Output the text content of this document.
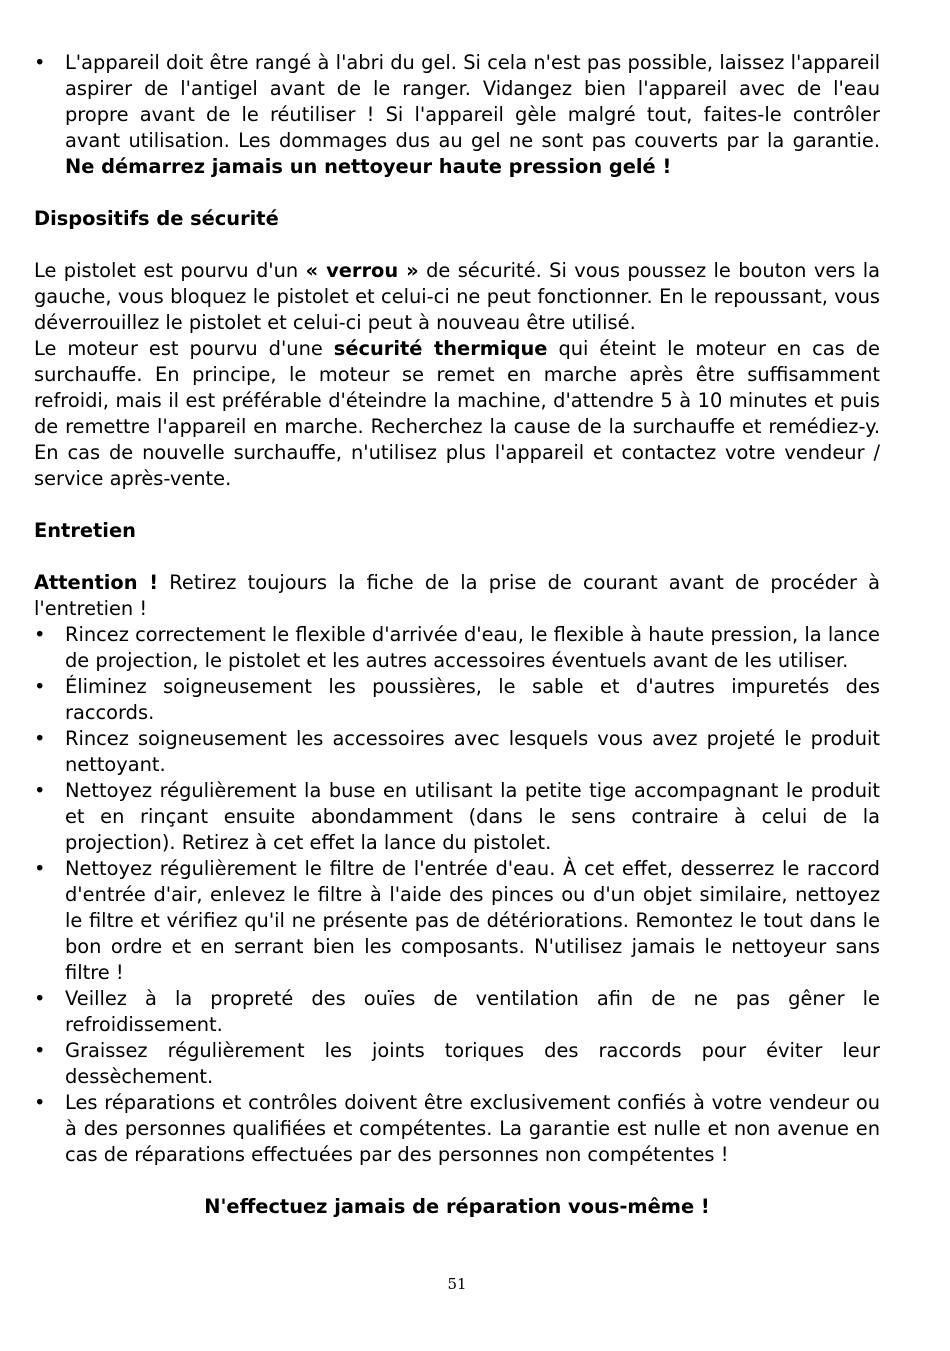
• L'appareil doit être rangé à l'abri du gel. Si cela n'est pas possible, laissez l'appareil aspirer de l'antigel avant de le ranger. Vidangez bien l'appareil avec de l'eau propre avant de le réutiliser ! Si l'appareil gèle malgré tout, faites-le contrôler avant utilisation. Les dommages dus au gel ne sont pas couverts par la garantie. Ne démarrez jamais un nettoyeur haute pression gelé !
Dispositifs de sécurité

Le pistolet est pourvu d'un « verrou » de sécurité. Si vous poussez le bouton vers la gauche, vous bloquez le pistolet et celui-ci ne peut fonctionner. En le repoussant, vous déverrouillez le pistolet et celui-ci peut à nouveau être utilisé.

Le moteur est pourvu d'une sécurité thermique qui éteint le moteur en cas de surchauffe. En principe, le moteur se remet en marche après être suffisamment refroidi, mais il est préférable d'éteindre la machine, d'attendre 5 à 10 minutes et puis de remettre l'appareil en marche. Recherchez la cause de la surchauffe et remédiez-y. En cas de nouvelle surchauffe, n'utilisez plus l'appareil et contactez votre vendeur / service après-vente.

Entretien

Attention ! Retirez toujours la fiche de la prise de courant avant de procéder à l'entretien !

• Rincez correctement le flexible d'arrivée d'eau, le flexible à haute pression, la lance de projection, le pistolet et les autres accessoires éventuels avant de les utiliser.
• Éliminez soigneusement les poussières, le sable et d'autres impuretés des raccords.
• Rincez soigneusement les accessoires avec lesquels vous avez projeté le produit nettoyant.
• Nettoyez régulièrement la buse en utilisant la petite tige accompagnant le produit et en rinçant ensuite abondamment (dans le sens contraire à celui de la projection). Retirez à cet effet la lance du pistolet.
• Nettoyez régulièrement le filtre de l'entrée d'eau. À cet effet, desserrez le raccord d'entrée d'air, enlevez le filtre à l'aide des pinces ou d'un objet similaire, nettoyez le filtre et vérifiez qu'il ne présente pas de détériorations. Remontez le tout dans le bon ordre et en serrant bien les composants. N'utilisez jamais le nettoyeur sans filtre !
• Veillez à la propreté des ouïes de ventilation afin de ne pas gêner le refroidissement.
• Graissez régulièrement les joints toriques des raccords pour éviter leur dessèchement.
• Les réparations et contrôles doivent être exclusivement confiés à votre vendeur ou à des personnes qualifiées et compétentes. La garantie est nulle et non avenue en cas de réparations effectuées par des personnes non compétentes !

N'effectuez jamais de réparation vous-même !

51
